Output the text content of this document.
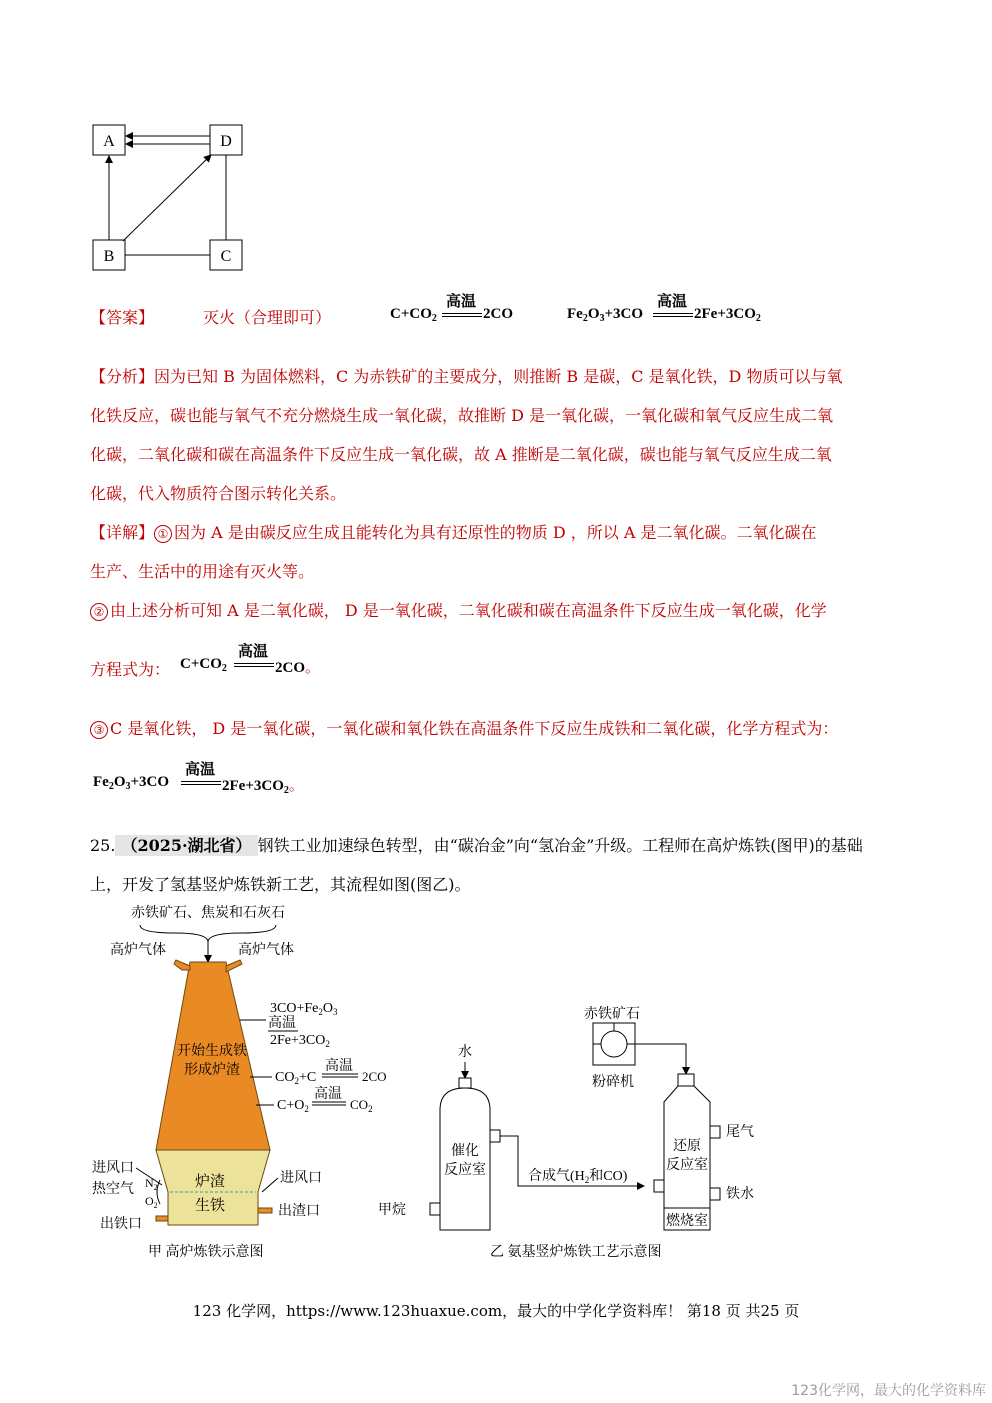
A	D
B	C
【答案】	灭火（合理即可）	$C+CO_2$
高温
2CO	$Fe_2O_3+3CO$
高温
$2Fe+3CO_2$
【分析】因为已知 B 为固体燃料，C 为赤铁矿的主要成分，则推断 B 是碳，C 是氧化铁，D 物质可以与氧
化铁反应，碳也能与氧气不充分燃烧生成一氧化碳，故推断 D 是一氧化碳，一氧化碳和氧气反应生成二氧
化碳，二氧化碳和碳在高温条件下反应生成一氧化碳，故 A 推断是二氧化碳，碳也能与氧气反应生成二氧
化碳，代入物质符合图示转化关系。
【详解】 ① 因为 A 是由碳反应生成且能转化为具有还原性的物质 D ，所以 A 是二氧化碳。二氧化碳在
生产、生活中的用途有灭火等。
② 由上述分析可知 A 是二氧化碳， D 是一氧化碳，二氧化碳和碳在高温条件下反应生成一氧化碳，化学
方程式为： $C+CO_2$
高温
2CO。
③ C 是氧化铁， D 是一氧化碳，一氧化碳和氧化铁在高温条件下反应生成铁和二氧化碳，化学方程式为：
$Fe_2O_3+3CO$
高温
$2Fe+3CO_2$。
25. （2025·湖北省） 钢铁工业加速绿色转型，由“碳冶金”向“氢冶金”升级。工程师在高炉炼铁(图甲)的基础
上，开发了氢基竖炉炼铁新工艺，其流程如图(图乙)。
赤铁矿石、焦炭和石灰石
高炉气体	高炉气体
开始生成铁
形成炉渣
炉渣
生铁
$3CO+Fe_2O_3$
高温
$2Fe+3CO_2$
$CO_2+C$
高温
2CO
$C+O_2$
高温
$CO_2$
进风口
热空气 $N_2$
$O_2$
进风口
出渣口
出铁口
甲 高炉炼铁示意图
水
催化
反应室
甲烷
合成气($H_2$和CO)
赤铁矿石
粉碎机
还原
反应室
燃烧室
尾气
铁水
乙 氨基竖炉炼铁工艺示意图
123 化学网，https://www.123huaxue.com，最大的中学化学资料库！ 第18 页 共25 页
123化学网，最大的化学资料库
